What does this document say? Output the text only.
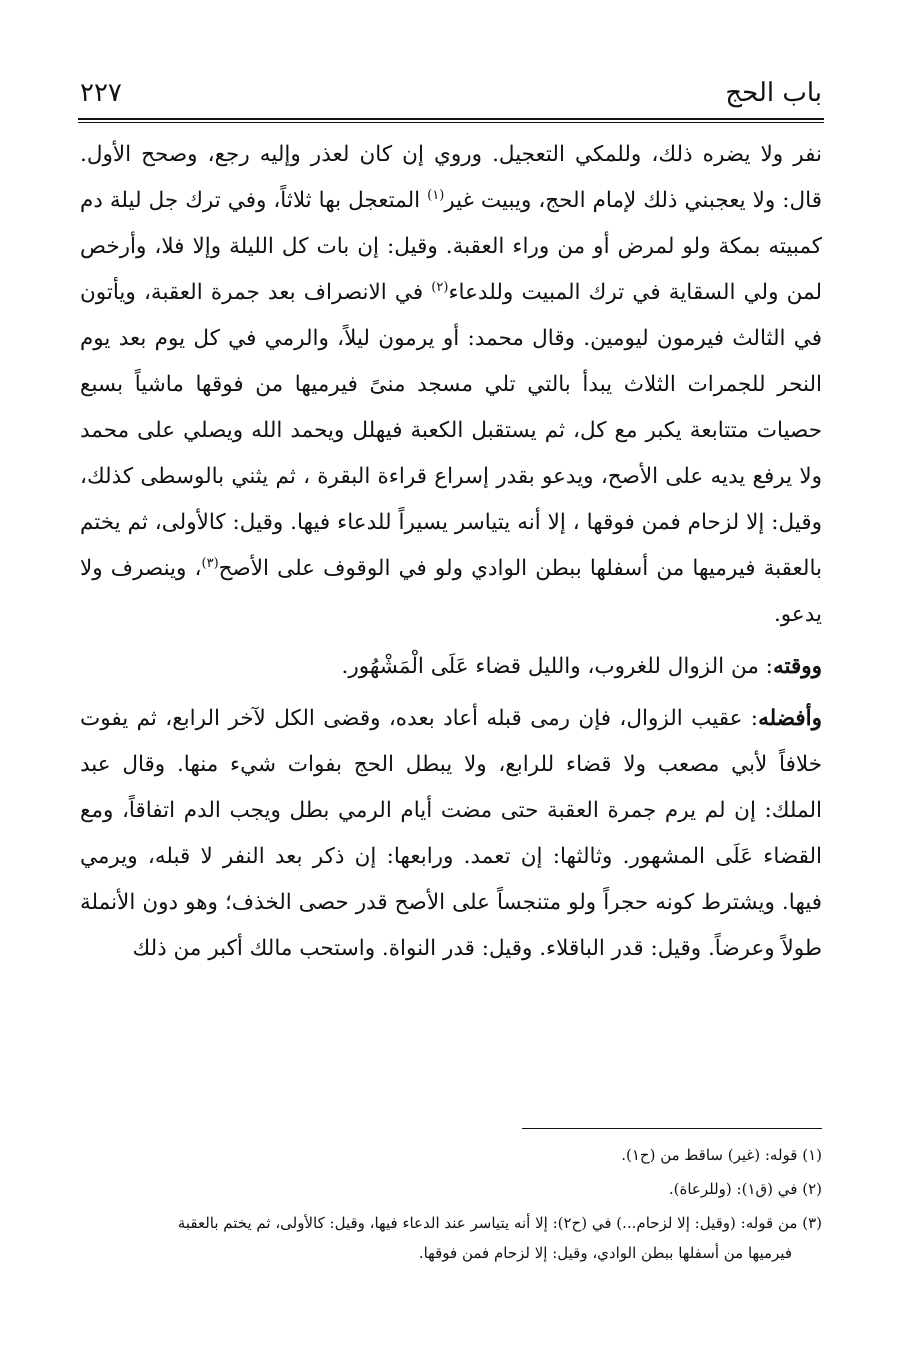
باب الحج
٢٢٧

نفر ولا يضره ذلك، وللمكي التعجيل. وروي إن كان لعذر وإليه رجع، وصحح الأول. قال: ولا يعجبني ذلك لإمام الحج، ويبيت غير$^{(١)}$ المتعجل بها ثلاثاً، وفي ترك جل ليلة دم كمبيته بمكة ولو لمرض أو من وراء العقبة. وقيل: إن بات كل الليلة وإلا فلا، وأرخص لمن ولي السقاية في ترك المبيت وللدعاء$^{(٢)}$ في الانصراف بعد جمرة العقبة، ويأتون في الثالث فيرمون ليومين. وقال محمد: أو يرمون ليلاً، والرمي في كل يوم بعد يوم النحر للجمرات الثلاث يبدأ بالتي تلي مسجد منىً فيرميها من فوقها ماشياً بسبع حصيات متتابعة يكبر مع كل، ثم يستقبل الكعبة فيهلل ويحمد الله ويصلي على محمد ولا يرفع يديه على الأصح، ويدعو بقدر إسراع قراءة البقرة ، ثم يثني بالوسطى كذلك، وقيل: إلا لزحام فمن فوقها ، إلا أنه يتياسر يسيراً للدعاء فيها. وقيل: كالأولى، ثم يختم بالعقبة فيرميها من أسفلها ببطن الوادي ولو في الوقوف على الأصح$^{(٣)}$، وينصرف ولا يدعو.

ووقته: من الزوال للغروب، والليل قضاء عَلَى الْمَشْهُور.

وأفضله: عقيب الزوال، فإن رمى قبله أعاد بعده، وقضى الكل لآخر الرابع، ثم يفوت خلافاً لأبي مصعب ولا قضاء للرابع، ولا يبطل الحج بفوات شيء منها. وقال عبد الملك: إن لم يرم جمرة العقبة حتى مضت أيام الرمي بطل ويجب الدم اتفاقاً، ومع القضاء عَلَى المشهور. وثالثها: إن تعمد. ورابعها: إن ذكر بعد النفر لا قبله، ويرمي فيها. ويشترط كونه حجراً ولو متنجساً على الأصح قدر حصى الخذف؛ وهو دون الأنملة طولاً وعرضاً. وقيل: قدر الباقلاء. وقيل: قدر النواة. واستحب مالك أكبر من ذلك

(١) قوله: (غير) ساقط من (ح١).

(٢) في (ق١): (وللرعاة).

(٣) من قوله: (وقيل: إلا لزحام...) في (ح٢): إلا أنه يتياسر عند الدعاء فيها، وقيل: كالأولى، ثم يختم بالعقبة
فيرميها من أسفلها ببطن الوادي، وقيل: إلا لزحام فمن فوقها.
